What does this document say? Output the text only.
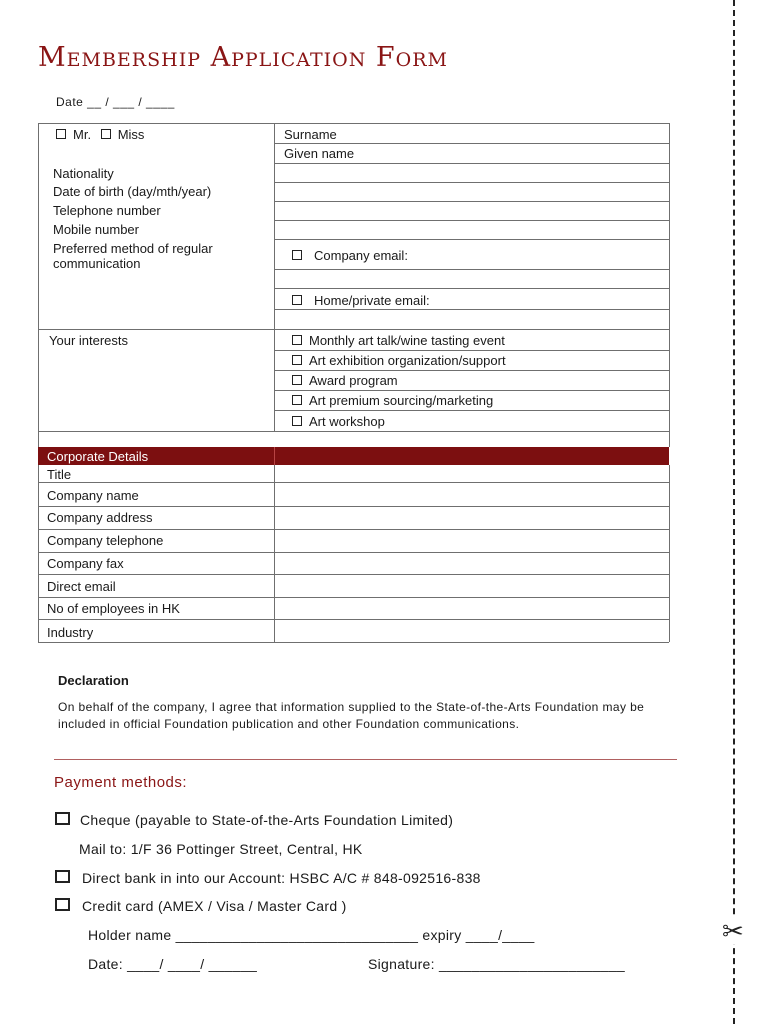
Membership Application Form
Date __ / ___ / ____
✂
Mr. Miss	Surname
Given name
Nationality
Date of birth (day/mth/year)
Telephone number
Mobile number
Preferred method of regular
communication
Company email:
Home/private email:
Your interests	Monthly art talk/wine tasting event
Art exhibition organization/support
Award program
Art premium sourcing/marketing
Art workshop
Corporate Details
Title
Company name
Company address
Company telephone
Company fax
Direct email
No of employees in HK
Industry
Declaration
On behalf of the company, I agree that information supplied to the State-of-the-Arts Foundation may be included in official Foundation publication and other Foundation communications.
Payment methods:
Cheque (payable to State-of-the-Arts Foundation Limited)
Mail to: 1/F 36 Pottinger Street, Central, HK
Direct bank in into our Account: HSBC A/C # 848-092516-838
Credit card (AMEX / Visa / Master Card )
Holder name ______________________________ expiry ____/____
Date: ____/ ____/ ______	Signature: _______________________
